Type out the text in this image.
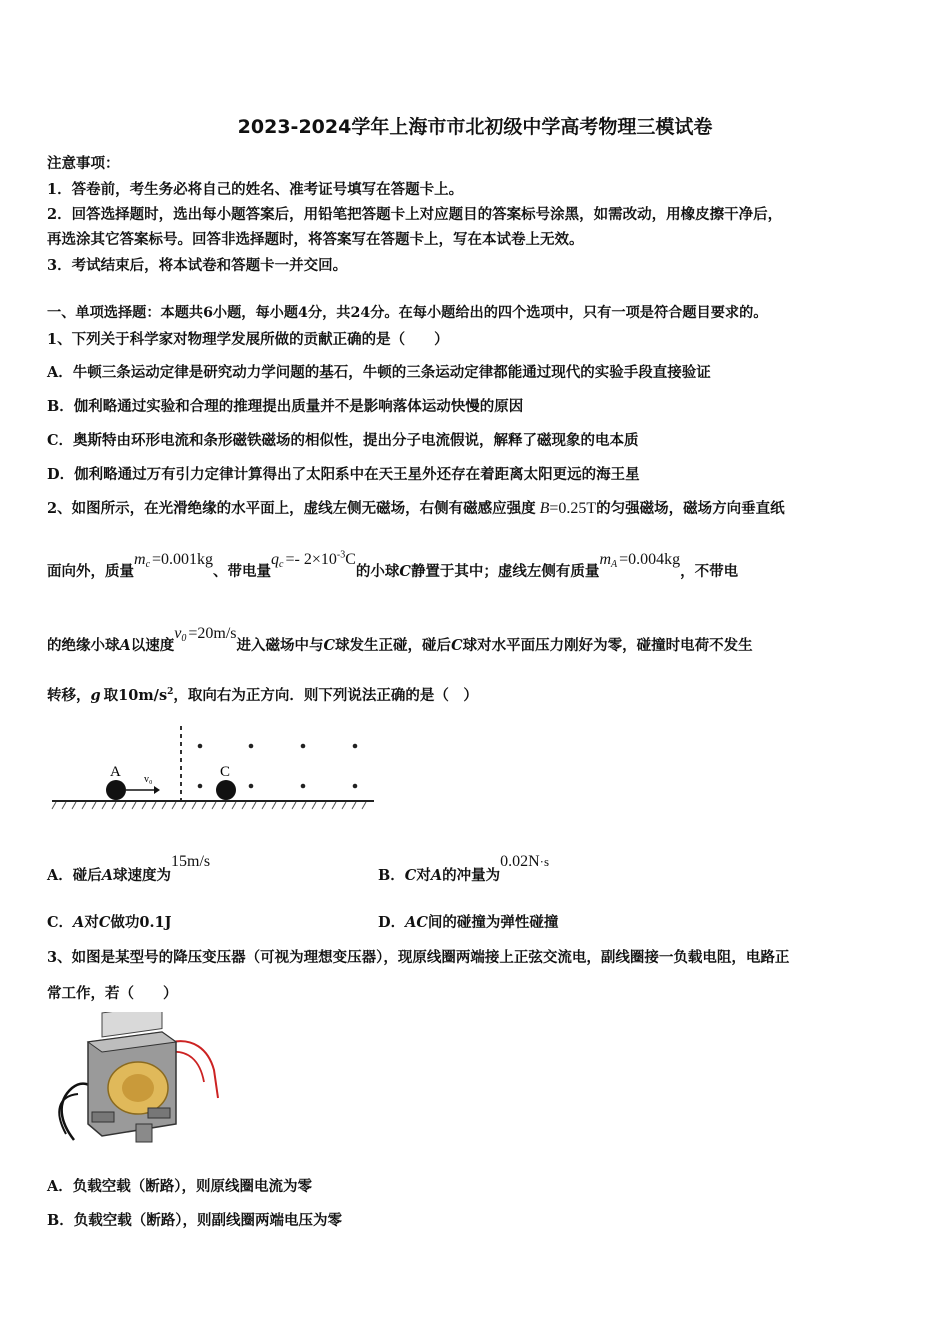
2023-2024学年上海市市北初级中学高考物理三模试卷
注意事项：
1．答卷前，考生务必将自己的姓名、准考证号填写在答题卡上。
2．回答选择题时，选出每小题答案后，用铅笔把答题卡上对应题目的答案标号涂黑，如需改动，用橡皮擦干净后，
再选涂其它答案标号。回答非选择题时，将答案写在答题卡上，写在本试卷上无效。
3．考试结束后，将本试卷和答题卡一并交回。
一、单项选择题：本题共6小题，每小题4分，共24分。在每小题给出的四个选项中，只有一项是符合题目要求的。
1、下列关于科学家对物理学发展所做的贡献正确的是（　　）
A．牛顿三条运动定律是研究动力学问题的基石，牛顿的三条运动定律都能通过现代的实验手段直接验证
B．伽利略通过实验和合理的推理提出质量并不是影响落体运动快慢的原因
C．奥斯特由环形电流和条形磁铁磁场的相似性，提出分子电流假说，解释了磁现象的电本质
D．伽利略通过万有引力定律计算得出了太阳系中在天王星外还存在着距离太阳更远的海王星
2、如图所示，在光滑绝缘的水平面上，虚线左侧无磁场，右侧有磁感应强度 B=0.25T的匀强磁场，磁场方向垂直纸
面向外，质量$m_c =0.001kg$、带电量$q_c =- 2\times 10^{-3}C$的小球C静置于其中；虚线左侧有质量$m_A =0.004kg$，不带电
的绝缘小球A以速度$v_0 =20m/s$进入磁场中与C球发生正碰，碰后C球对水平面压力刚好为零，碰撞时电荷不发生
转移，g 取$10m/s^2$，取向右为正方向．则下列说法正确的是（　）
A	C
v₀
A．碰后A球速度为15m/s
B．C对A的冲量为0.02N·s
C．A对C做功0.1J	D．AC间的碰撞为弹性碰撞
3、如图是某型号的降压变压器（可视为理想变压器），现原线圈两端接上正弦交流电，副线圈接一负载电阻，电路正
常工作，若（　　）
A．负载空载（断路），则原线圈电流为零
B．负载空载（断路），则副线圈两端电压为零
